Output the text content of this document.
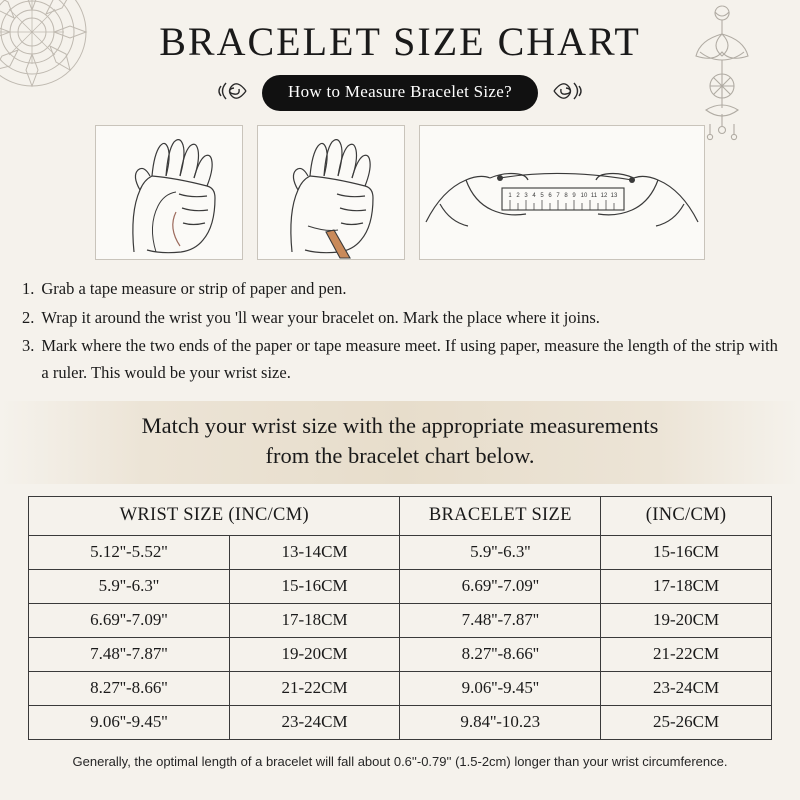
BRACELET SIZE CHART
How to Measure Bracelet Size?
1 2 3 4 5 6 7 8 9 10 11 12 13
1. Grab a tape measure or strip of paper and pen.
2. Wrap it around the wrist you 'll wear your bracelet on. Mark the place where it joins.
3. Mark where the two ends of the paper or tape measure meet. If using paper, measure the length of the strip with a ruler. This would be your wrist size.
Match your wrist size with the appropriate measurements
from the bracelet chart below.
WRIST SIZE (INC/CM)		BRACELET SIZE	(INC/CM)
5.12''-5.52''	13-14CM	5.9''-6.3''	15-16CM
5.9''-6.3''	15-16CM	6.69''-7.09''	17-18CM
6.69''-7.09''	17-18CM	7.48''-7.87''	19-20CM
7.48''-7.87''	19-20CM	8.27''-8.66''	21-22CM
8.27''-8.66''	21-22CM	9.06''-9.45''	23-24CM
9.06''-9.45''	23-24CM	9.84''-10.23	25-26CM
Generally, the optimal length of a bracelet will fall about 0.6''-0.79'' (1.5-2cm) longer than your wrist circumference.
